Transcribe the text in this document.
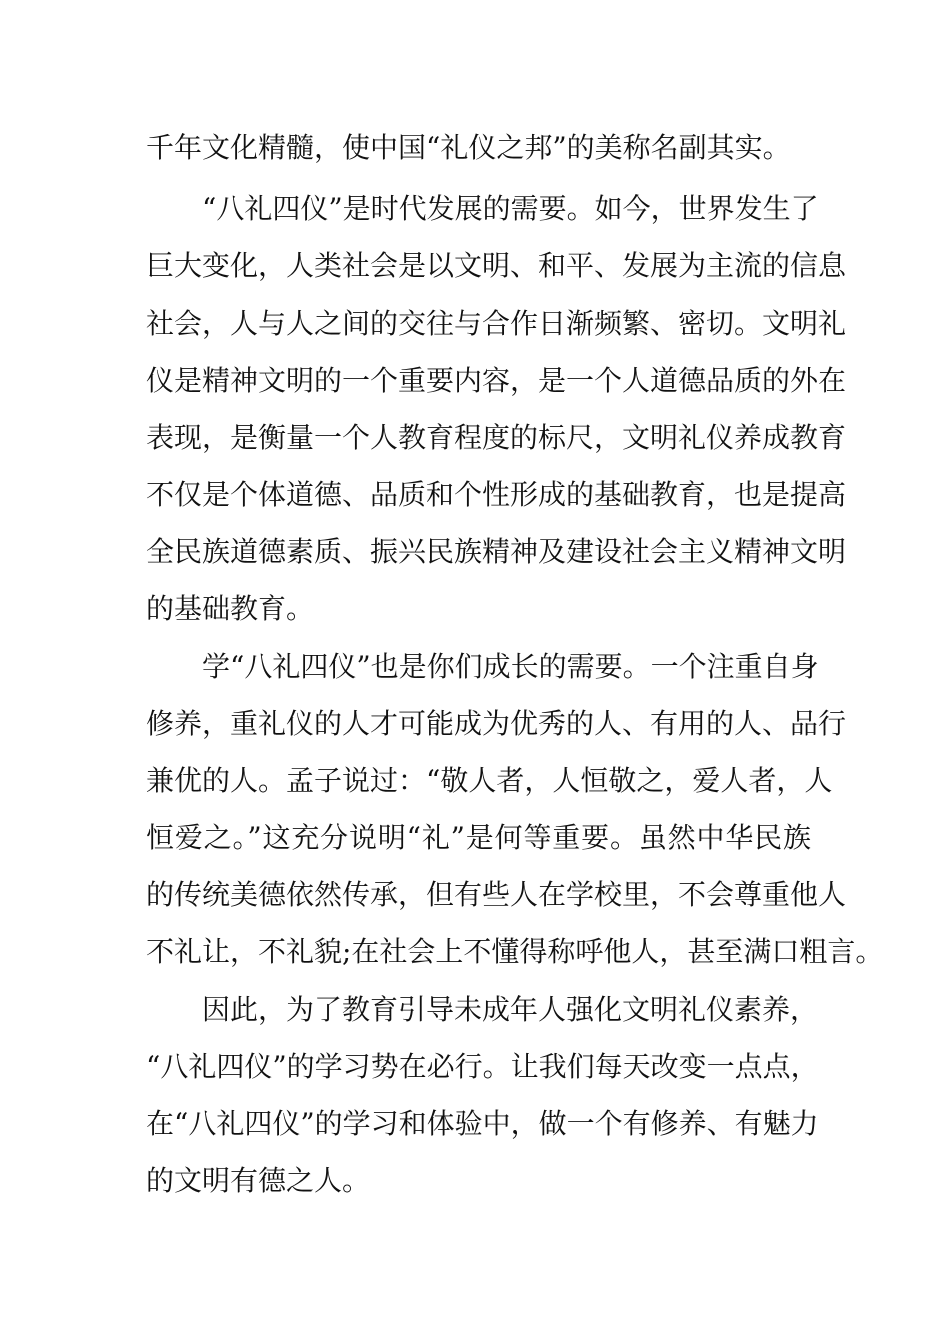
千年文化精髓，使中国“礼仪之邦”的美称名副其实。

“八礼四仪”是时代发展的需要。如今，世界发生了

巨大变化，人类社会是以文明、和平、发展为主流的信息

社会，人与人之间的交往与合作日渐频繁、密切。文明礼

仪是精神文明的一个重要内容，是一个人道德品质的外在

表现，是衡量一个人教育程度的标尺，文明礼仪养成教育

不仅是个体道德、品质和个性形成的基础教育，也是提高

全民族道德素质、振兴民族精神及建设社会主义精神文明

的基础教育。

学“八礼四仪”也是你们成长的需要。一个注重自身

修养，重礼仪的人才可能成为优秀的人、有用的人、品行

兼优的人。孟子说过：“敬人者，人恒敬之，爱人者，人

恒爱之。”这充分说明“礼”是何等重要。虽然中华民族

的传统美德依然传承，但有些人在学校里，不会尊重他人

不礼让，不礼貌;在社会上不懂得称呼他人，甚至满口粗言。

因此，为了教育引导未成年人强化文明礼仪素养，

“八礼四仪”的学习势在必行。让我们每天改变一点点，

在“八礼四仪”的学习和体验中，做一个有修养、有魅力

的文明有德之人。
